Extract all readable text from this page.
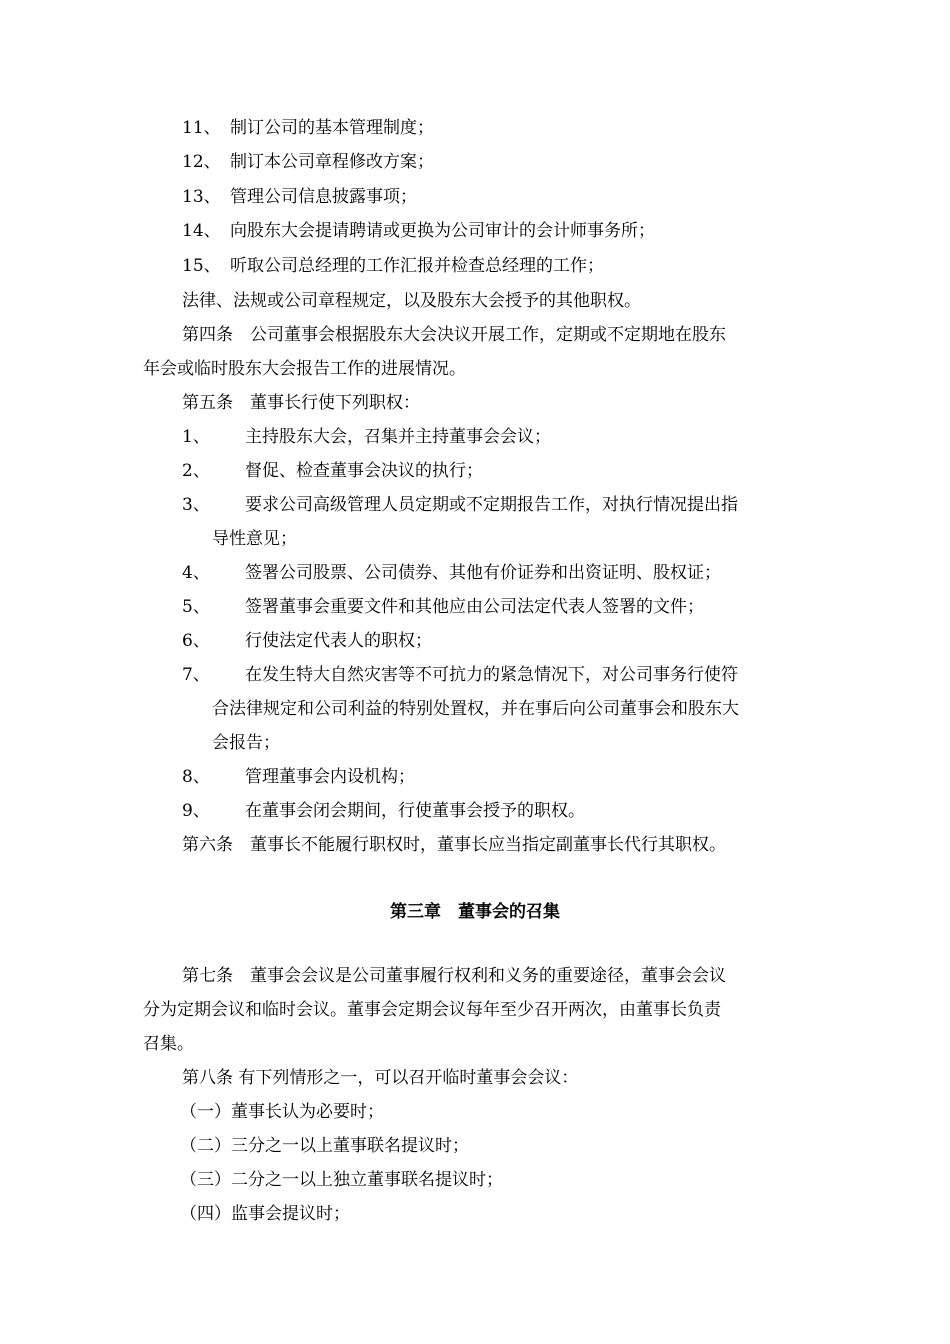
11、 制订公司的基本管理制度；
12、 制订本公司章程修改方案；
13、 管理公司信息披露事项；
14、 向股东大会提请聘请或更换为公司审计的会计师事务所；
15、 听取公司总经理的工作汇报并检查总经理的工作；
法律、法规或公司章程规定，以及股东大会授予的其他职权。
第四条　公司董事会根据股东大会决议开展工作，定期或不定期地在股东
年会或临时股东大会报告工作的进展情况。
第五条　董事长行使下列职权：
1、 主持股东大会，召集并主持董事会会议；
2、 督促、检查董事会决议的执行；
3、 要求公司高级管理人员定期或不定期报告工作，对执行情况提出指
导性意见；
4、 签署公司股票、公司债券、其他有价证券和出资证明、股权证；
5、 签署董事会重要文件和其他应由公司法定代表人签署的文件；
6、 行使法定代表人的职权；
7、 在发生特大自然灾害等不可抗力的紧急情况下，对公司事务行使符
合法律规定和公司利益的特别处置权，并在事后向公司董事会和股东大
会报告；
8、 管理董事会内设机构；
9、 在董事会闭会期间，行使董事会授予的职权。
第六条　董事长不能履行职权时，董事长应当指定副董事长代行其职权。
第三章　董事会的召集
第七条　董事会会议是公司董事履行权利和义务的重要途径，董事会会议
分为定期会议和临时会议。董事会定期会议每年至少召开两次，由董事长负责
召集。
第八条 有下列情形之一，可以召开临时董事会会议：
（一）董事长认为必要时；
（二）三分之一以上董事联名提议时；
（三）二分之一以上独立董事联名提议时；
（四）监事会提议时；
